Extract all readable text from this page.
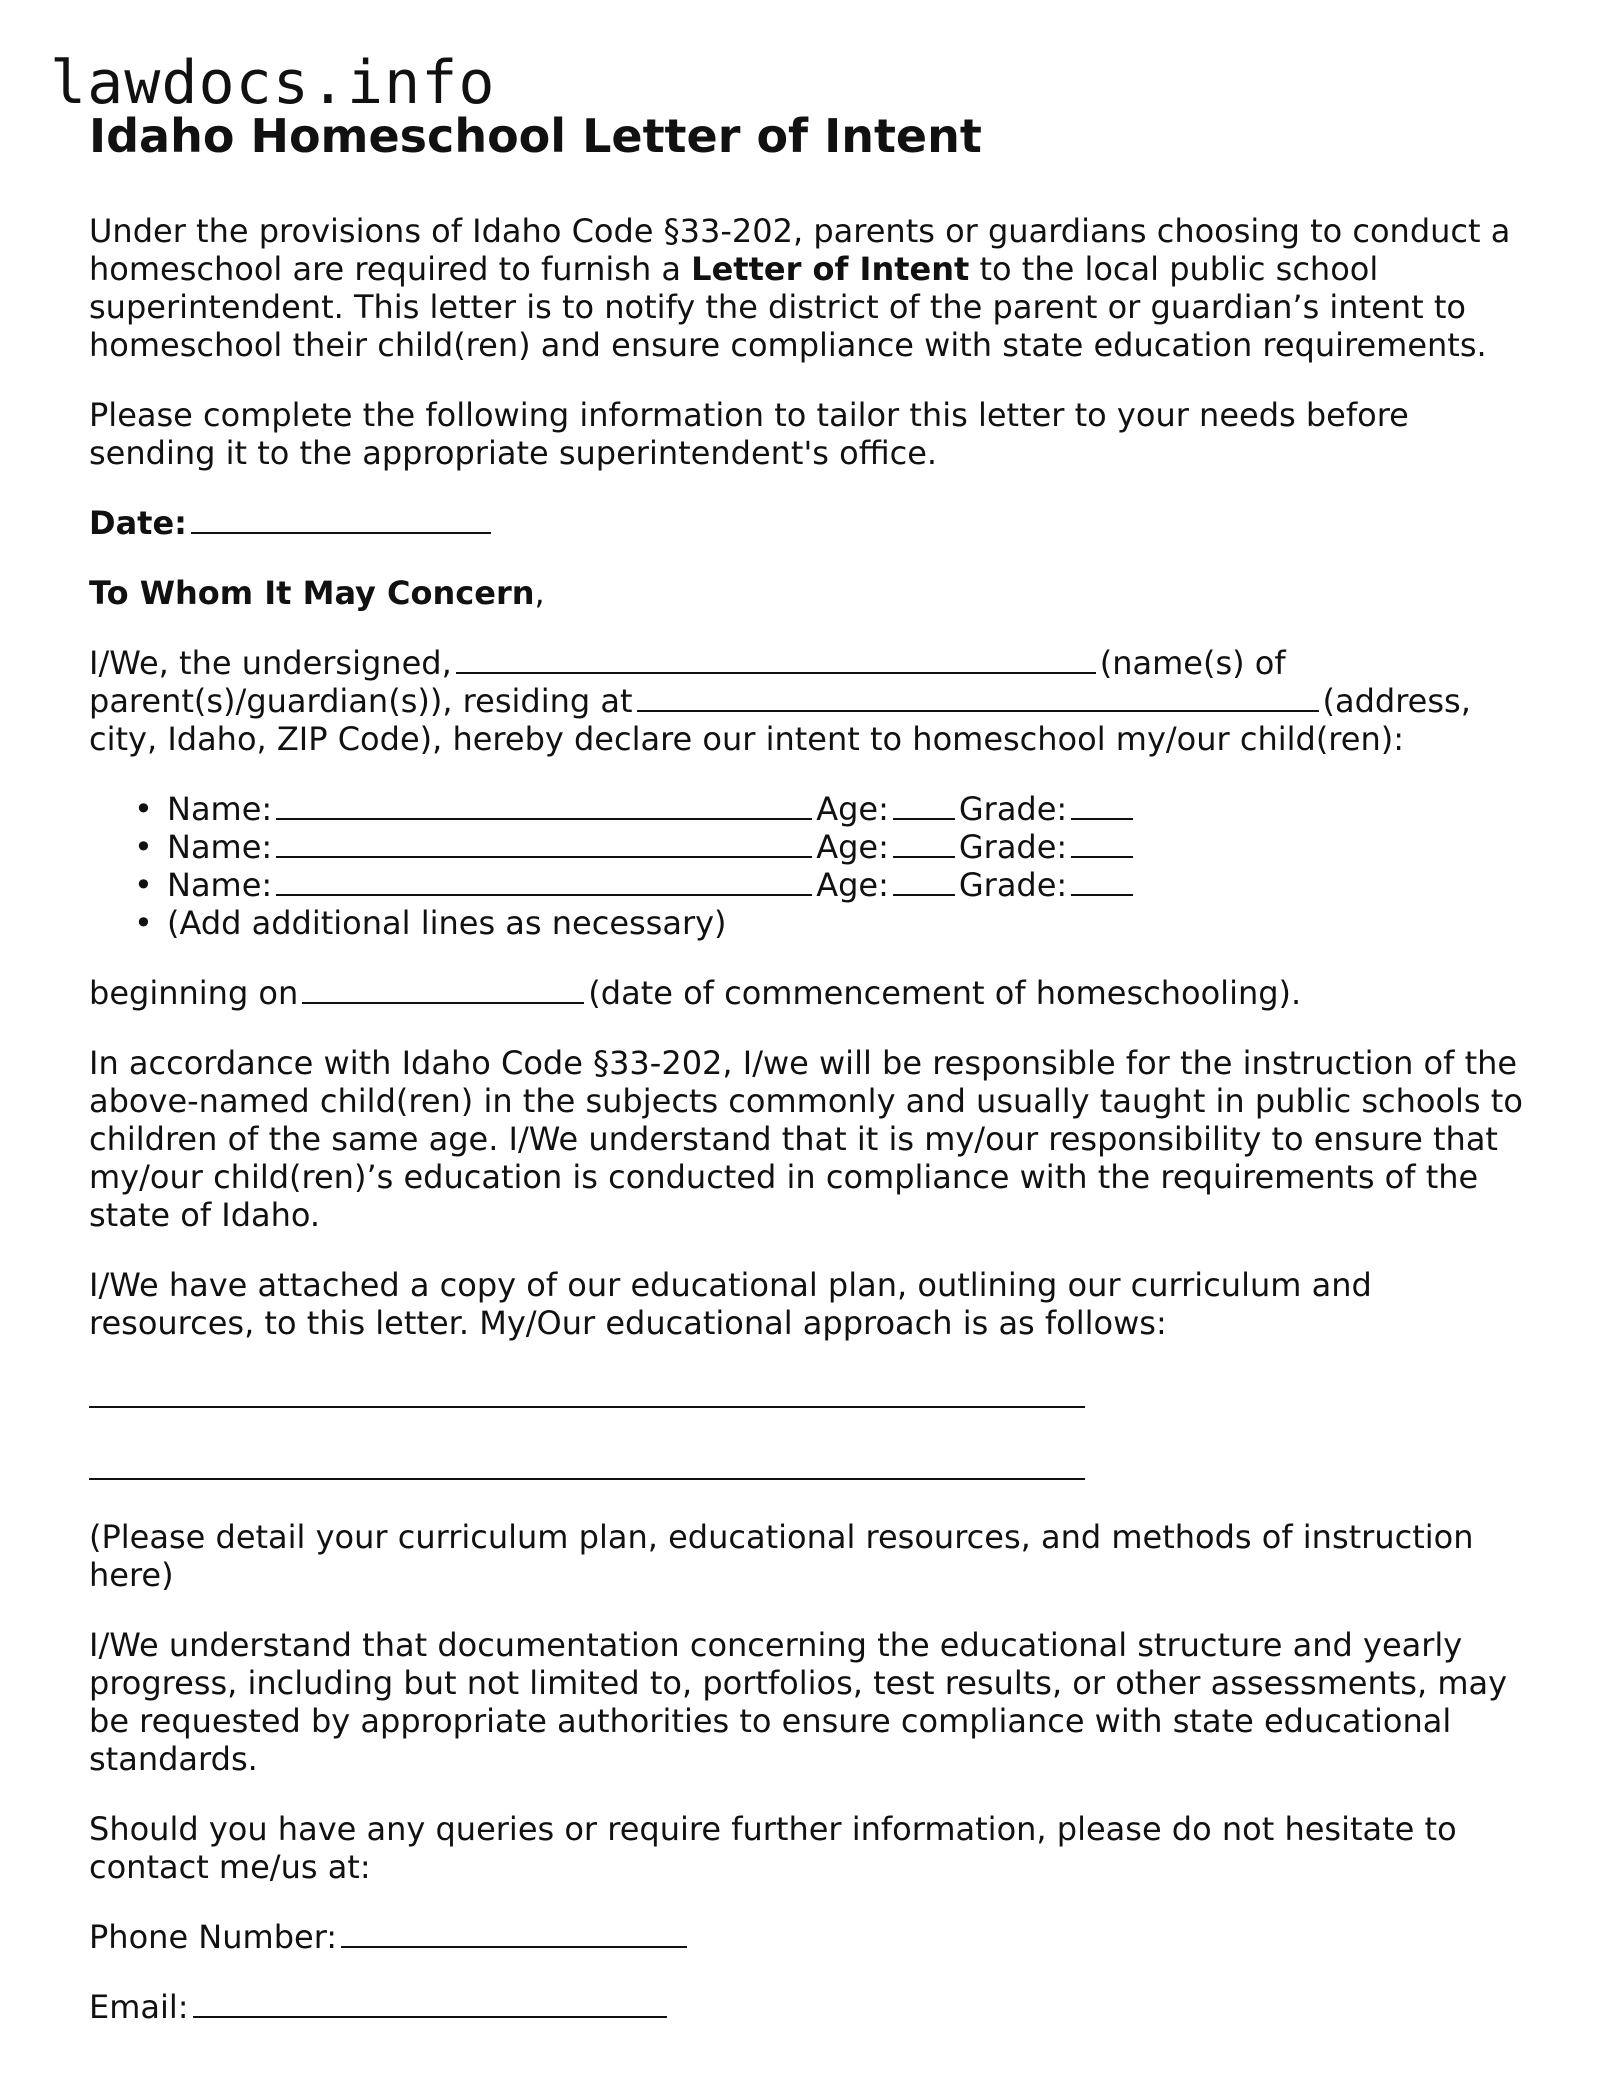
lawdocs.info
Idaho Homeschool Letter of Intent

Under the provisions of Idaho Code §33-202, parents or guardians choosing to conduct a homeschool are required to furnish a Letter of Intent to the local public school superintendent. This letter is to notify the district of the parent or guardian’s intent to homeschool their child(ren) and ensure compliance with state education requirements.

Please complete the following information to tailor this letter to your needs before sending it to the appropriate superintendent's office.

Date:

To Whom It May Concern,

I/We, the undersigned,	(name(s) of parent(s)/guardian(s)), residing at	(address, city, Idaho, ZIP Code), hereby declare our intent to homeschool my/our child(ren):

• Name:	Age: Grade:
• Name:	Age: Grade:
• Name:	Age: Grade:
• (Add additional lines as necessary)

beginning on	(date of commencement of homeschooling).

In accordance with Idaho Code §33-202, I/we will be responsible for the instruction of the above-named child(ren) in the subjects commonly and usually taught in public schools to children of the same age. I/We understand that it is my/our responsibility to ensure that my/our child(ren)’s education is conducted in compliance with the requirements of the state of Idaho.

I/We have attached a copy of our educational plan, outlining our curriculum and resources, to this letter. My/Our educational approach is as follows:

(Please detail your curriculum plan, educational resources, and methods of instruction here)

I/We understand that documentation concerning the educational structure and yearly progress, including but not limited to, portfolios, test results, or other assessments, may be requested by appropriate authorities to ensure compliance with state educational standards.

Should you have any queries or require further information, please do not hesitate to contact me/us at:

Phone Number:

Email:
